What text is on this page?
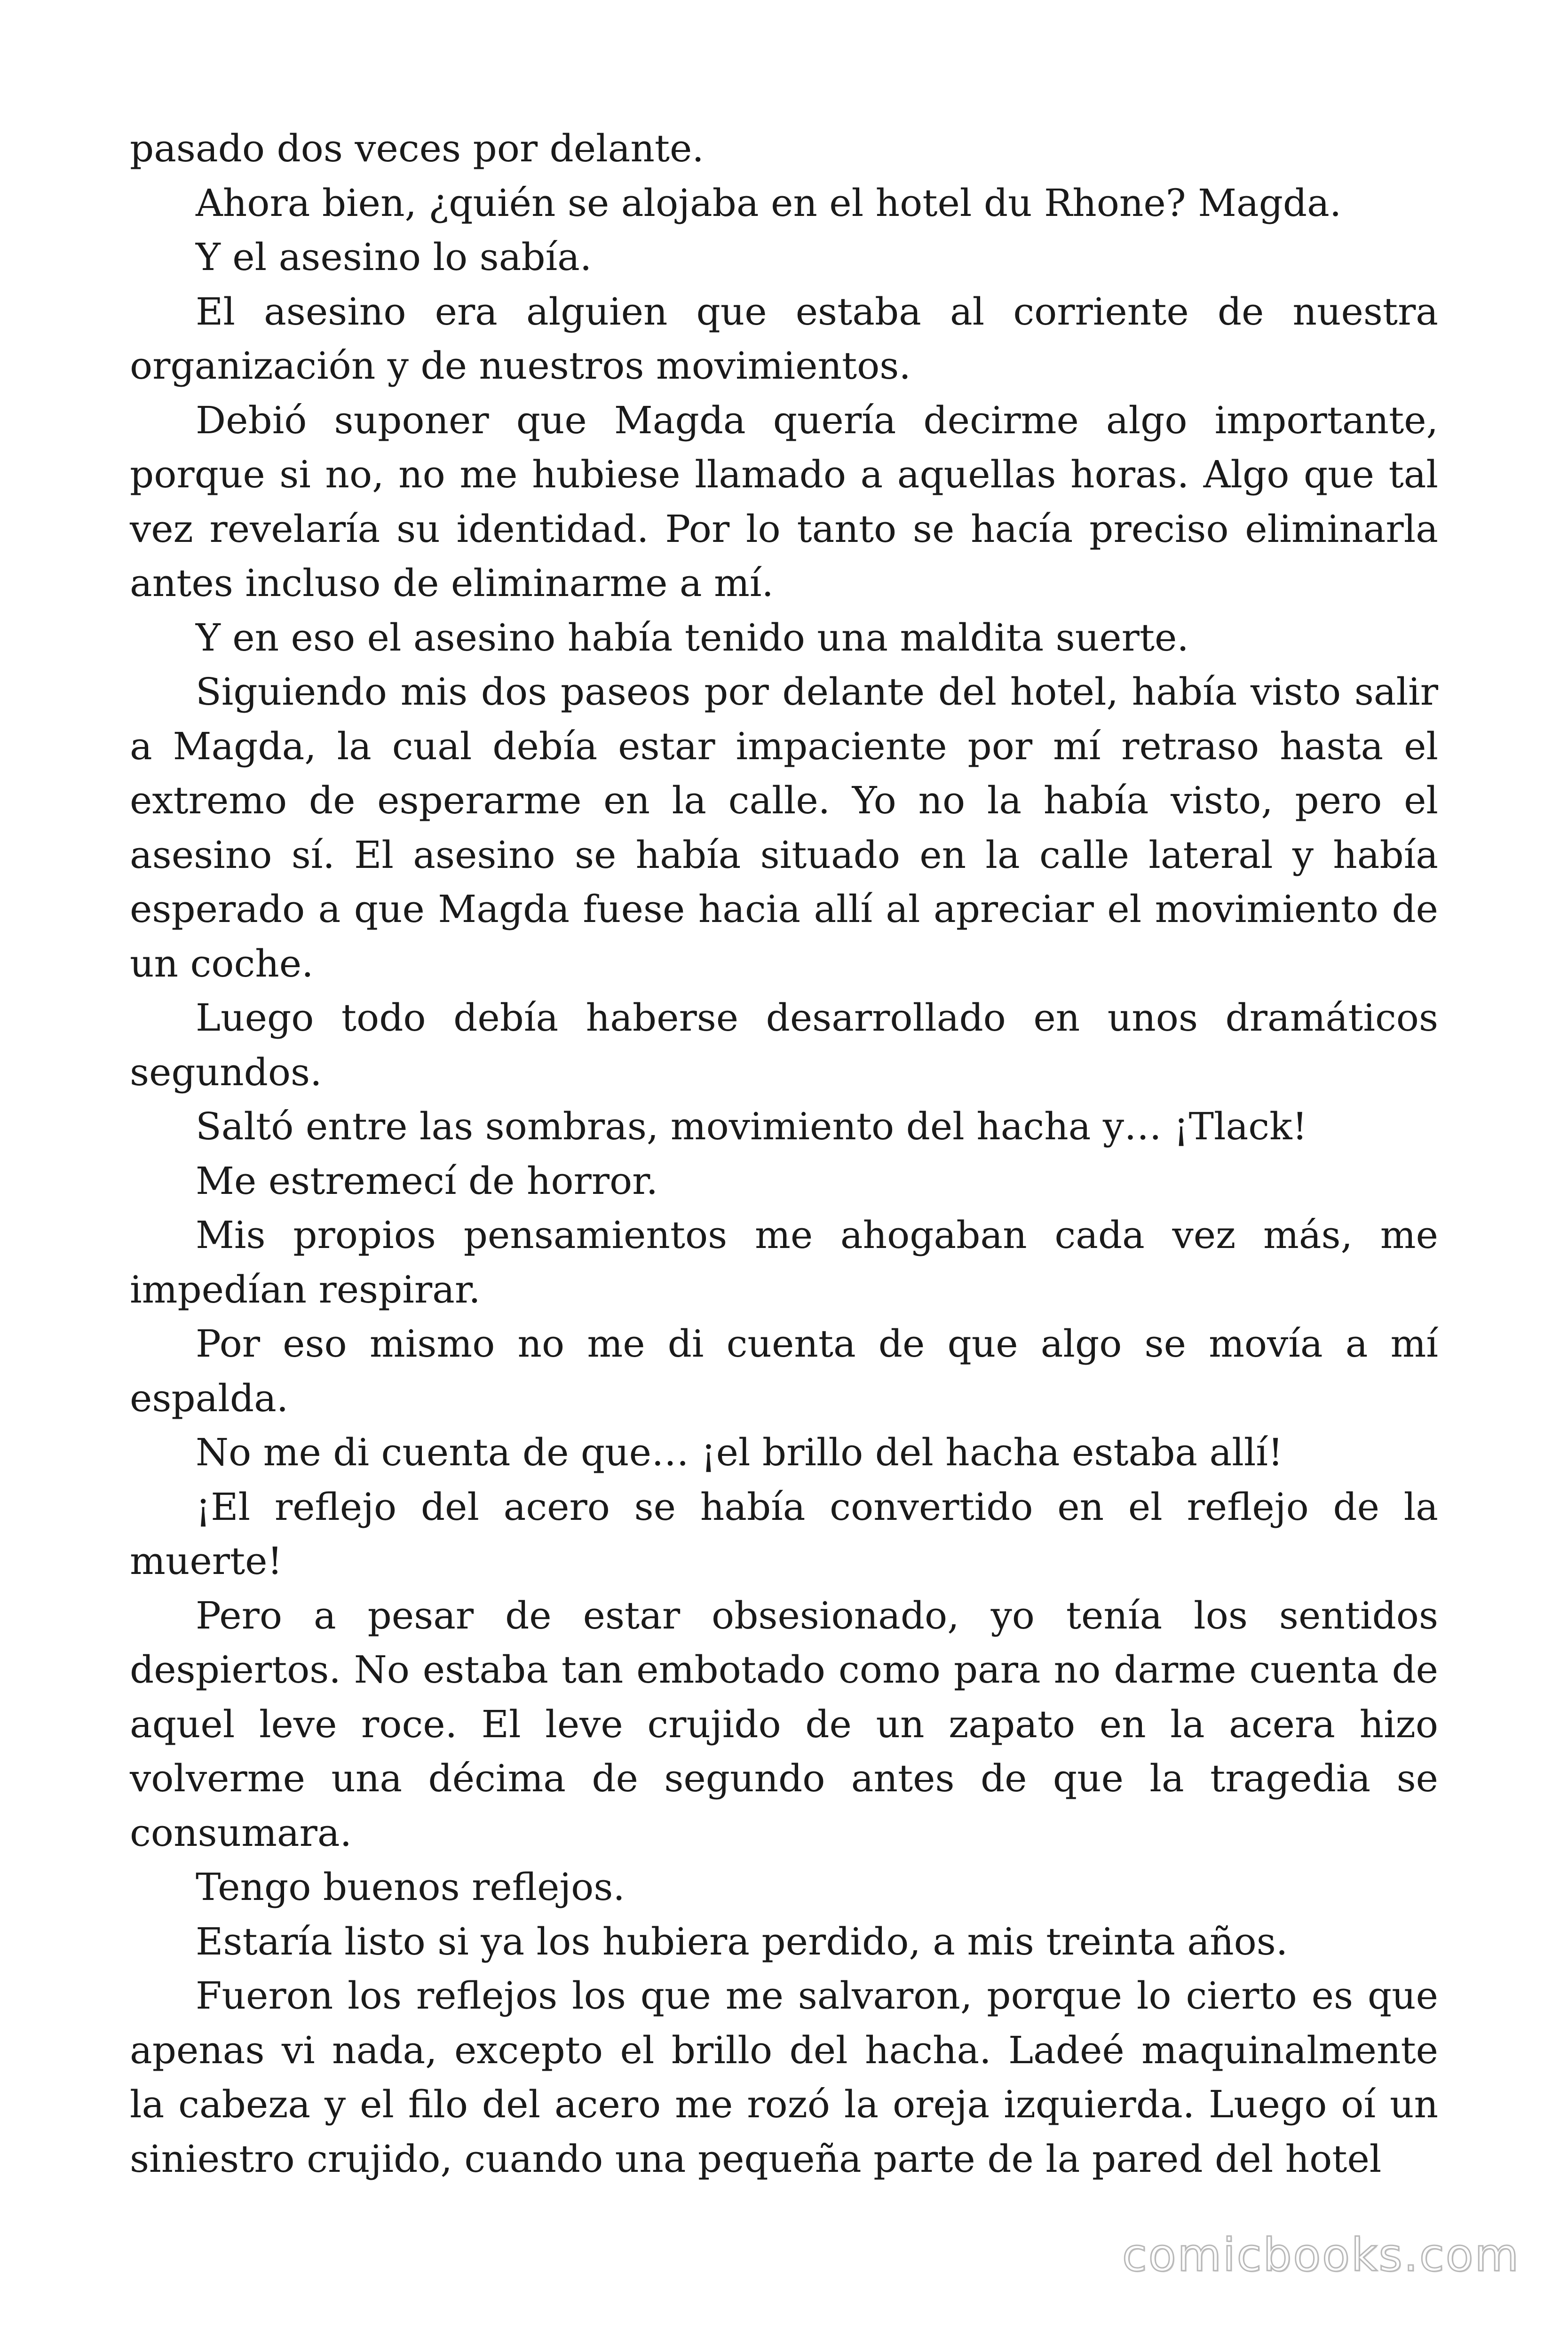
pasado dos veces por delante.

Ahora bien, ¿quién se alojaba en el hotel du Rhone? Magda.

Y el asesino lo sabía.

El asesino era alguien que estaba al corriente de nuestra organización y de nuestros movimientos.

Debió suponer que Magda quería decirme algo importante, porque si no, no me hubiese llamado a aquellas horas. Algo que tal vez revelaría su identidad. Por lo tanto se hacía preciso eliminarla antes incluso de eliminarme a mí.

Y en eso el asesino había tenido una maldita suerte.

Siguiendo mis dos paseos por delante del hotel, había visto salir a Magda, la cual debía estar impaciente por mí retraso hasta el extremo de esperarme en la calle. Yo no la había visto, pero el asesino sí. El asesino se había situado en la calle lateral y había esperado a que Magda fuese hacia allí al apreciar el movimiento de un coche.

Luego todo debía haberse desarrollado en unos dramáticos segundos.

Saltó entre las sombras, movimiento del hacha y… ¡Tlack!

Me estremecí de horror.

Mis propios pensamientos me ahogaban cada vez más, me impedían respirar.

Por eso mismo no me di cuenta de que algo se movía a mí espalda.

No me di cuenta de que… ¡el brillo del hacha estaba allí!

¡El reflejo del acero se había convertido en el reflejo de la muerte!

Pero a pesar de estar obsesionado, yo tenía los sentidos despiertos. No estaba tan embotado como para no darme cuenta de aquel leve roce. El leve crujido de un zapato en la acera hizo volverme una décima de segundo antes de que la tragedia se consumara.

Tengo buenos reflejos.

Estaría listo si ya los hubiera perdido, a mis treinta años.

Fueron los reflejos los que me salvaron, porque lo cierto es que apenas vi nada, excepto el brillo del hacha. Ladeé maquinalmente la cabeza y el filo del acero me rozó la oreja izquierda. Luego oí un siniestro crujido, cuando una pequeña parte de la pared del hotel

comicbooks.com
